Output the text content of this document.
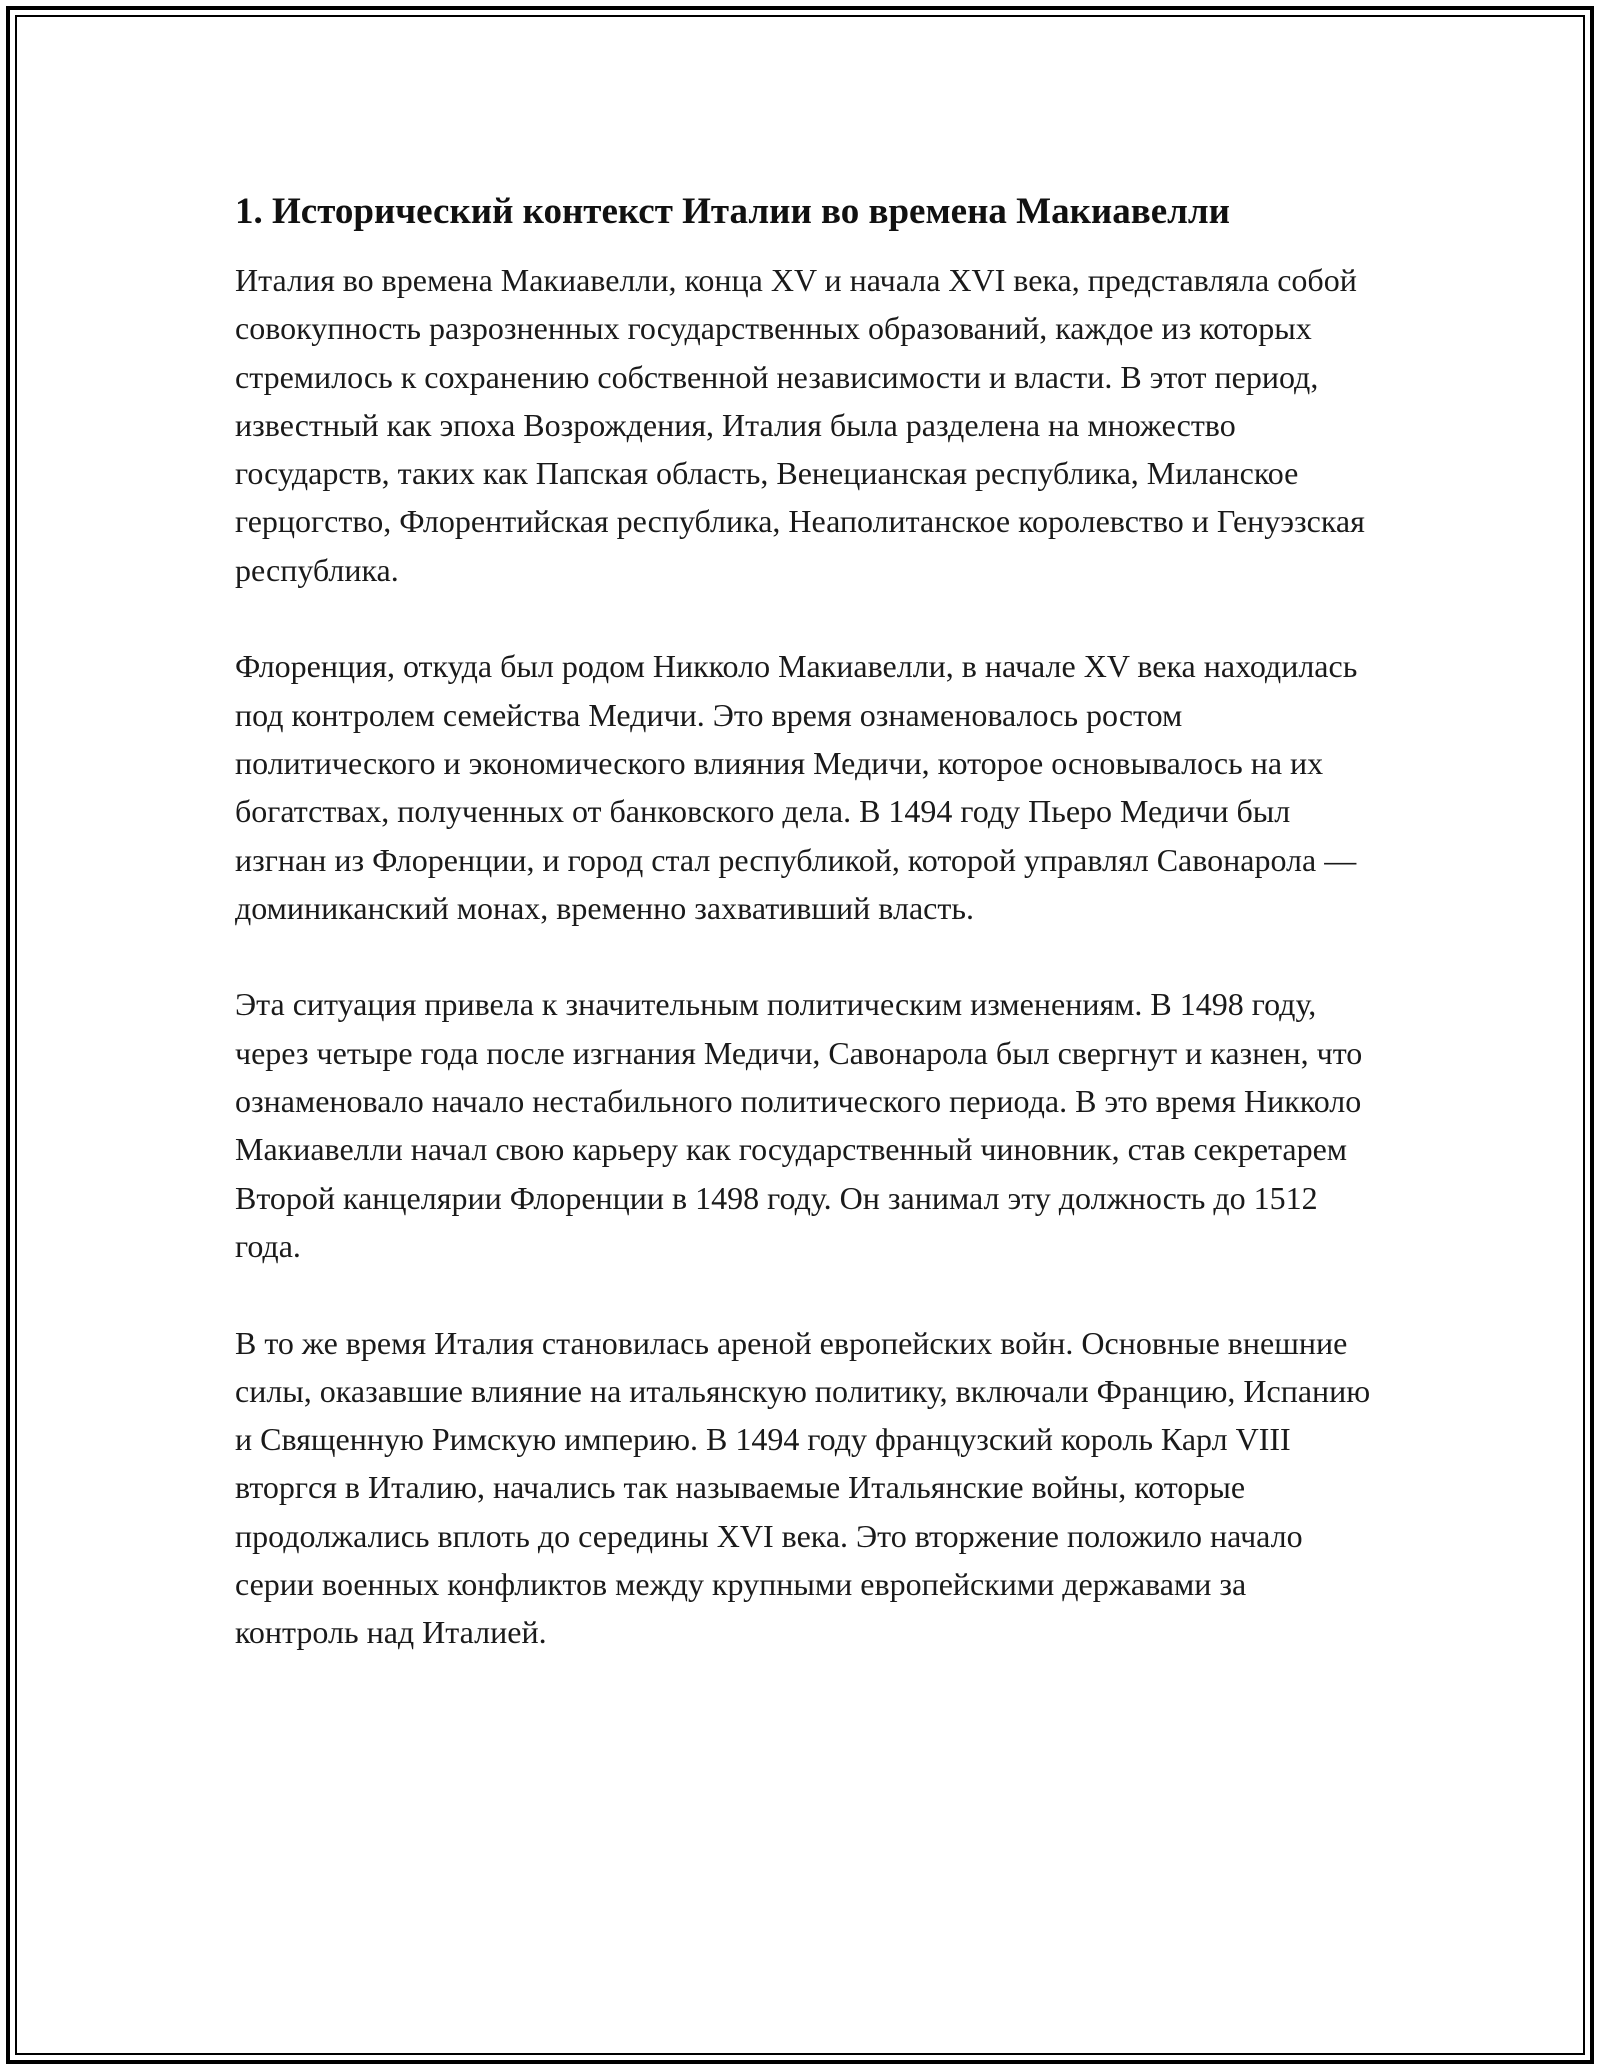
1. Исторический контекст Италии во времена Макиавелли

Италия во времена Макиавелли, конца XV и начала XVI века, представляла собой совокупность разрозненных государственных образований, каждое из которых стремилось к сохранению собственной независимости и власти. В этот период, известный как эпоха Возрождения, Италия была разделена на множество государств, таких как Папская область, Венецианская республика, Миланское герцогство, Флорентийская республика, Неаполитанское королевство и Генуэзская республика.

Флоренция, откуда был родом Никколо Макиавелли, в начале XV века находилась под контролем семейства Медичи. Это время ознаменовалось ростом политического и экономического влияния Медичи, которое основывалось на их богатствах, полученных от банковского дела. В 1494 году Пьеро Медичи был изгнан из Флоренции, и город стал республикой, которой управлял Савонарола — доминиканский монах, временно захвативший власть.

Эта ситуация привела к значительным политическим изменениям. В 1498 году, через четыре года после изгнания Медичи, Савонарола был свергнут и казнен, что ознаменовало начало нестабильного политического периода. В это время Никколо Макиавелли начал свою карьеру как государственный чиновник, став секретарем Второй канцелярии Флоренции в 1498 году. Он занимал эту должность до 1512 года.

В то же время Италия становилась ареной европейских войн. Основные внешние силы, оказавшие влияние на итальянскую политику, включали Францию, Испанию и Священную Римскую империю. В 1494 году французский король Карл VIII вторгся в Италию, начались так называемые Итальянские войны, которые продолжались вплоть до середины XVI века. Это вторжение положило начало серии военных конфликтов между крупными европейскими державами за контроль над Италией.
